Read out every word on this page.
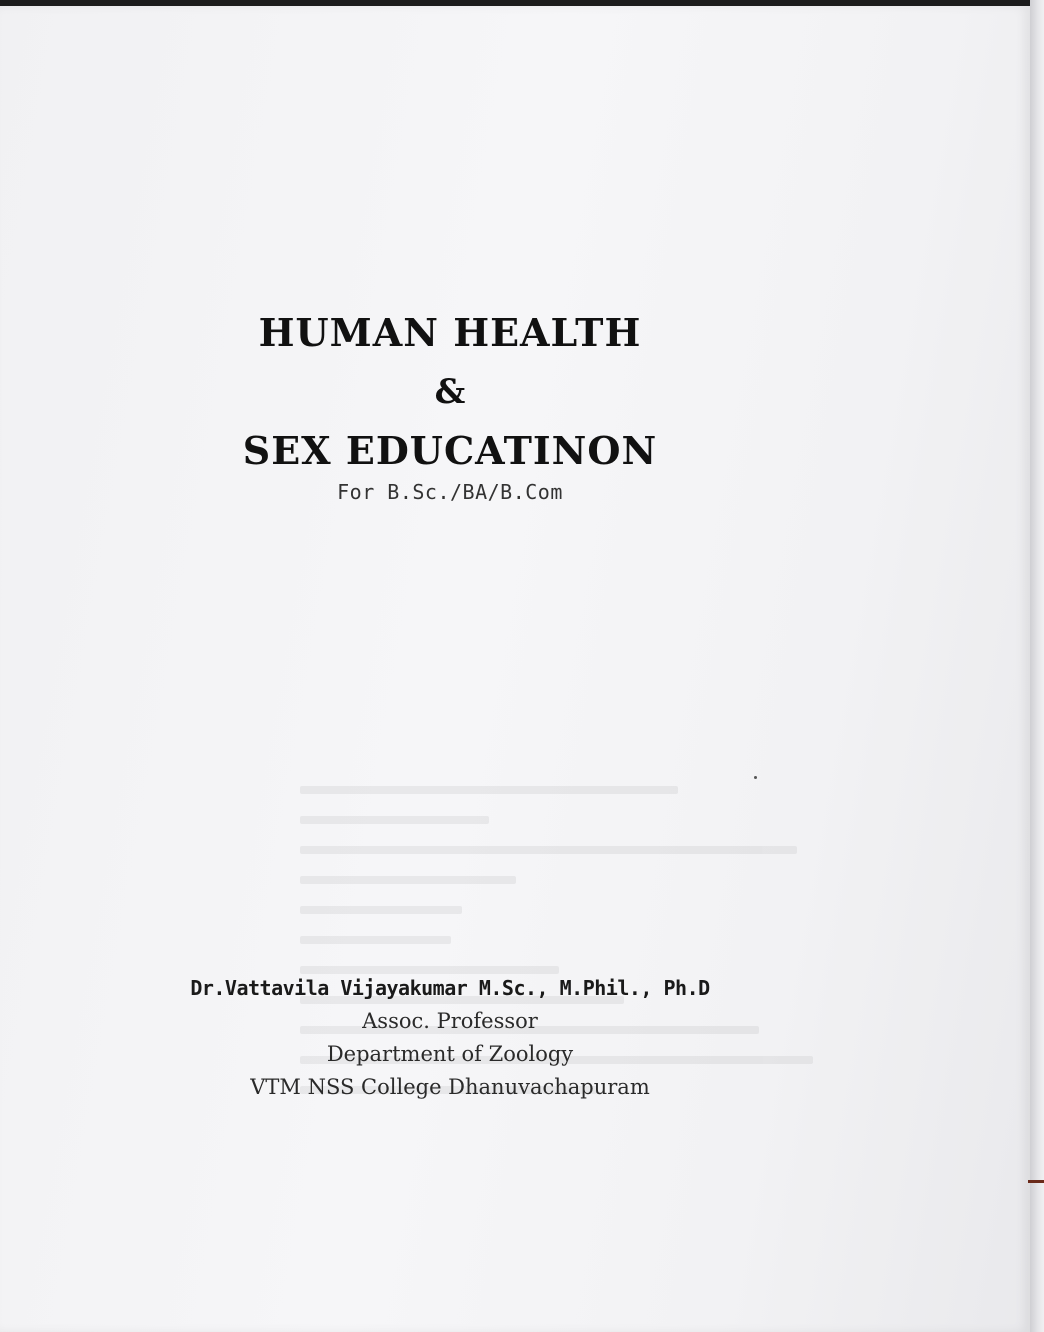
HUMAN HEALTH
&
SEX EDUCATINON
For B.Sc./BA/B.Com
Dr.Vattavila Vijayakumar M.Sc., M.Phil., Ph.D
Assoc. Professor
Department of Zoology
VTM NSS College Dhanuvachapuram
